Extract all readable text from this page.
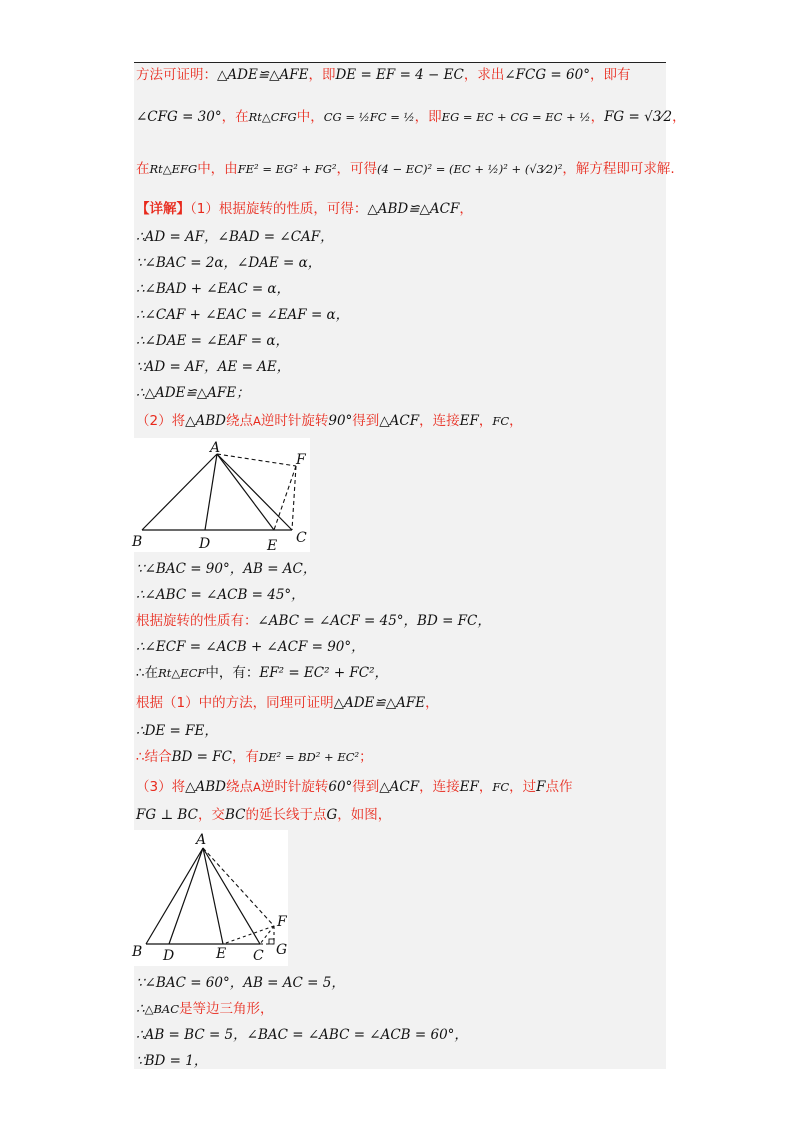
方法可证明：△ADE≌△AFE，即DE = EF = 4 − EC，求出∠FCG = 60°，即有
∠CFG = 30°，在Rt△CFG中，CG = ½FC = ½，即EG = EC + CG = EC + ½，FG = √3⁄2，
在Rt△EFG中，由FE² = EG² + FG²，可得(4 − EC)² = (EC + ½)² + (√3⁄2)²，解方程即可求解.
【详解】（1）根据旋转的性质，可得：△ABD≌△ACF，
∴AD = AF，∠BAD = ∠CAF，
∵∠BAC = 2α，∠DAE = α，
∴∠BAD + ∠EAC = α，
∴∠CAF + ∠EAC = ∠EAF = α，
∴∠DAE = ∠EAF = α，
∵AD = AF，AE = AE，
∴△ADE≌△AFE；
（2）将△ABD绕点A逆时针旋转90°得到△ACF，连接EF，FC，
A
B	D	E C
F
∵∠BAC = 90°，AB = AC，
∴∠ABC = ∠ACB = 45°，
根据旋转的性质有：∠ABC = ∠ACF = 45°，BD = FC，
∴∠ECF = ∠ACB + ∠ACF = 90°，
∴在Rt△ECF中，有：EF² = EC² + FC²，
根据（1）中的方法，同理可证明△ADE≌△AFE，
∴DE = FE，
∴结合BD = FC，有DE² = BD² + EC²；
（3）将△ABD绕点A逆时针旋转60°得到△ACF，连接EF，FC，过F点作
FG ⊥ BC，交BC的延长线于点G，如图，
A
B D	E C
F
G
∵∠BAC = 60°，AB = AC = 5，
∴△BAC是等边三角形，
∴AB = BC = 5，∠BAC = ∠ABC = ∠ACB = 60°，
∵BD = 1，
